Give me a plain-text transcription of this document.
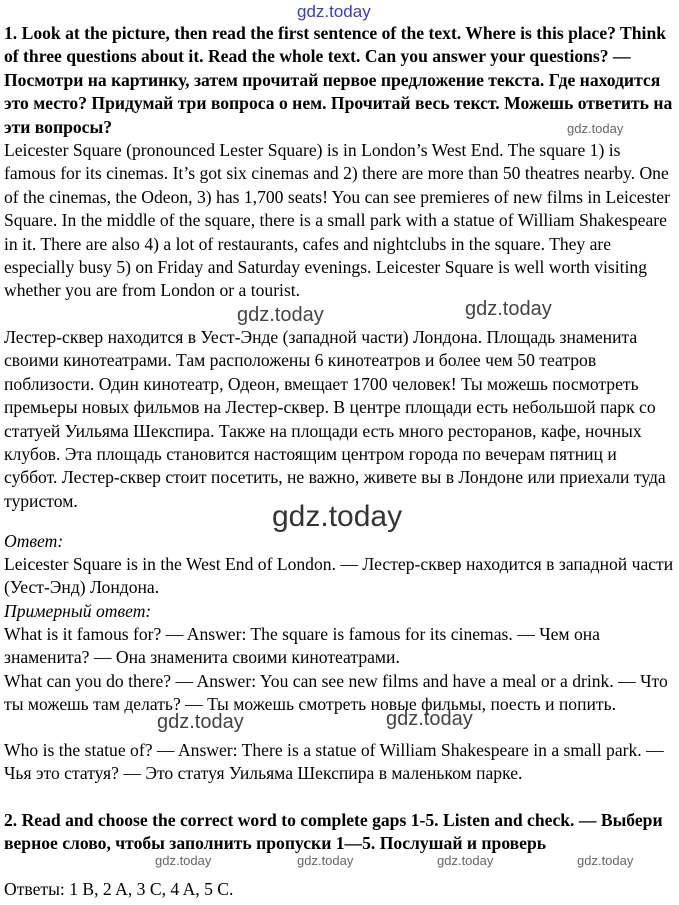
gdz.today
1. Look at the picture, then read the first sentence of the text. Where is this place? Think of three questions about it. Read the whole text. Can you answer your questions? — Посмотри на картинку, затем прочитай первое предложение текста. Где находится это место? Придумай три вопроса о нем. Прочитай весь текст. Можешь ответить на эти вопросы?
Leicester Square (pronounced Lester Square) is in London’s West End. The square 1) is famous for its cinemas. It’s got six cinemas and 2) there are more than 50 theatres nearby. One of the cinemas, the Odeon, 3) has 1,700 seats! You can see premieres of new films in Leicester Square. In the middle of the square, there is a small park with a statue of William Shakespeare in it. There are also 4) a lot of restaurants, cafes and nightclubs in the square. They are especially busy 5) on Friday and Saturday evenings. Leicester Square is well worth visiting whether you are from London or a tourist.
Лестер-сквер находится в Уест-Энде (западной части) Лондона. Площадь знаменита своими кинотеатрами. Там расположены 6 кинотеатров и более чем 50 театров поблизости. Один кинотеатр, Одеон, вмещает 1700 человек! Ты можешь посмотреть премьеры новых фильмов на Лестер-сквер. В центре площади есть небольшой парк со статуей Уильяма Шекспира. Также на площади есть много ресторанов, кафе, ночных клубов. Эта площадь становится настоящим центром города по вечерам пятниц и суббот. Лестер-сквер стоит посетить, не важно, живете вы в Лондоне или приехали туда туристом.
Ответ:
Leicester Square is in the West End of London. — Лестер-сквер находится в западной части (Уест-Энд) Лондона.
Примерный ответ:
What is it famous for? — Answer: The square is famous for its cinemas. — Чем она знаменита? — Она знаменита своими кинотеатрами.
What can you do there? — Answer: You can see new films and have a meal or a drink. — Что ты можешь там делать? — Ты можешь смотреть новые фильмы, поесть и попить.
Who is the statue of? — Answer: There is a statue of William Shakespeare in a small park. — Чья это статуя? — Это статуя Уильяма Шекспира в маленьком парке.
2. Read and choose the correct word to complete gaps 1-5. Listen and check. — Выбери верное слово, чтобы заполнить пропуски 1—5. Послушай и проверь
Ответы: 1 B, 2 A, 3 C, 4 A, 5 C.
gdz.today
gdz.today	gdz.today
gdz.today
gdz.today	gdz.today
gdz.today	gdz.today	gdz.today	gdz.today
